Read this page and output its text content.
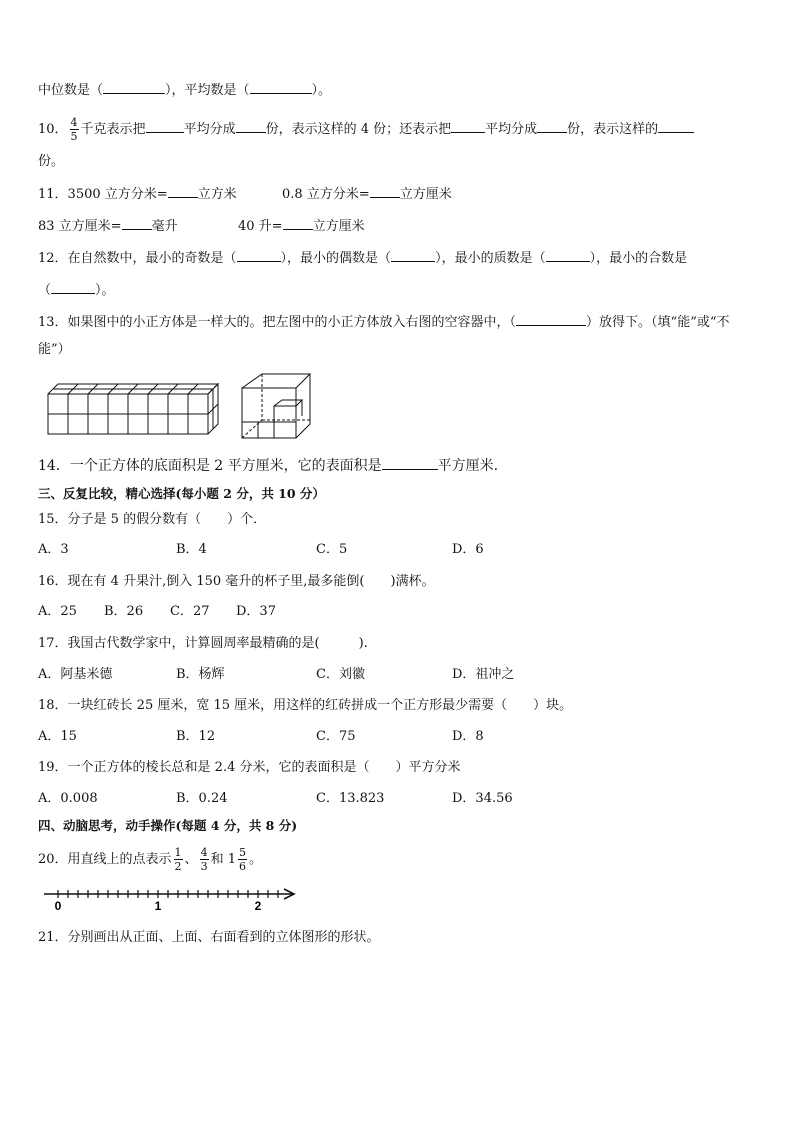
中位数是（	），平均数是（	）。
10． $\frac{4}{5}$ 千克表示把	平均分成 份，表示这样的 4 份；还表示把	平均分成 份，表示这样的
份。
11．3500 立方分米= 立方米	0.8 立方分米= 立方厘米
83 立方厘米= 毫升	40 升= 立方厘米
12．在自然数中，最小的奇数是（	），最小的偶数是（	），最小的质数是（	），最小的合数是
（	）。
13．如果图中的小正方体是一样大的。把左图中的小正方体放入右图的空容器中，（	）放得下。（填“能”或“不
能”）
14．一个正方体的底面积是 2 平方厘米，它的表面积是	平方厘米.
三、反复比较，精心选择(每小题 2 分，共 10 分）
15．分子是 5 的假分数有（　　）个．
A．3	B．4	C．5	D．6
16．现在有 4 升果汁,倒入 150 毫升的杯子里,最多能倒(　　)满杯。
A．25 B．26 C．27 D．37
17．我国古代数学家中，计算圆周率最精确的是(　　　).
A．阿基米德	B．杨辉	C．刘徽	D．祖冲之
18．一块红砖长 25 厘米，宽 15 厘米，用这样的红砖拼成一个正方形最少需要（　　）块。
A．15	B．12	C．75	D．8
19．一个正方体的棱长总和是 2.4 分米，它的表面积是（　　）平方分米
A．0.008	B．0.24	C．13.823	D．34.56
四、动脑思考，动手操作(每题 4 分，共 8 分)
20．用直线上的点表示 $\frac{1}{2}$ 、 $\frac{4}{3}$ 和 $1 \frac{5}{6}$ 。
0	1	2
21．分别画出从正面、上面、右面看到的立体图形的形状。
